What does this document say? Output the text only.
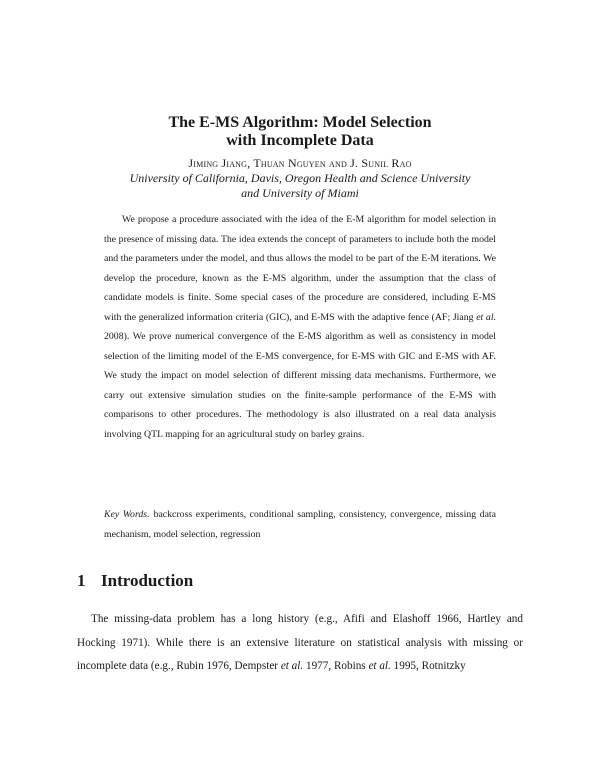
The E-MS Algorithm: Model Selection
with Incomplete Data

Jiming Jiang, Thuan Nguyen and J. Sunil Rao

University of California, Davis, Oregon Health and Science University

and University of Miami

We propose a procedure associated with the idea of the E-M algorithm for model selection in the presence of missing data. The idea extends the concept of parameters to include both the model and the parameters under the model, and thus allows the model to be part of the E-M iterations. We develop the procedure, known as the E-MS algorithm, under the assumption that the class of candidate models is finite. Some special cases of the procedure are considered, including E-MS with the generalized information criteria (GIC), and E-MS with the adaptive fence (AF; Jiang et al. 2008). We prove numerical convergence of the E-MS algorithm as well as consistency in model selection of the limiting model of the E-MS convergence, for E-MS with GIC and E-MS with AF. We study the impact on model selection of different missing data mechanisms. Furthermore, we carry out extensive simulation studies on the finite-sample performance of the E-MS with comparisons to other procedures. The methodology is also illustrated on a real data analysis involving QTL mapping for an agricultural study on barley grains.

Key Words. backcross experiments, conditional sampling, consistency, convergence, missing data mechanism, model selection, regression

1 Introduction

The missing-data problem has a long history (e.g., Afifi and Elashoff 1966, Hartley and Hocking 1971). While there is an extensive literature on statistical analysis with missing or incomplete data (e.g., Rubin 1976, Dempster et al. 1977, Robins et al. 1995, Rotnitzky
